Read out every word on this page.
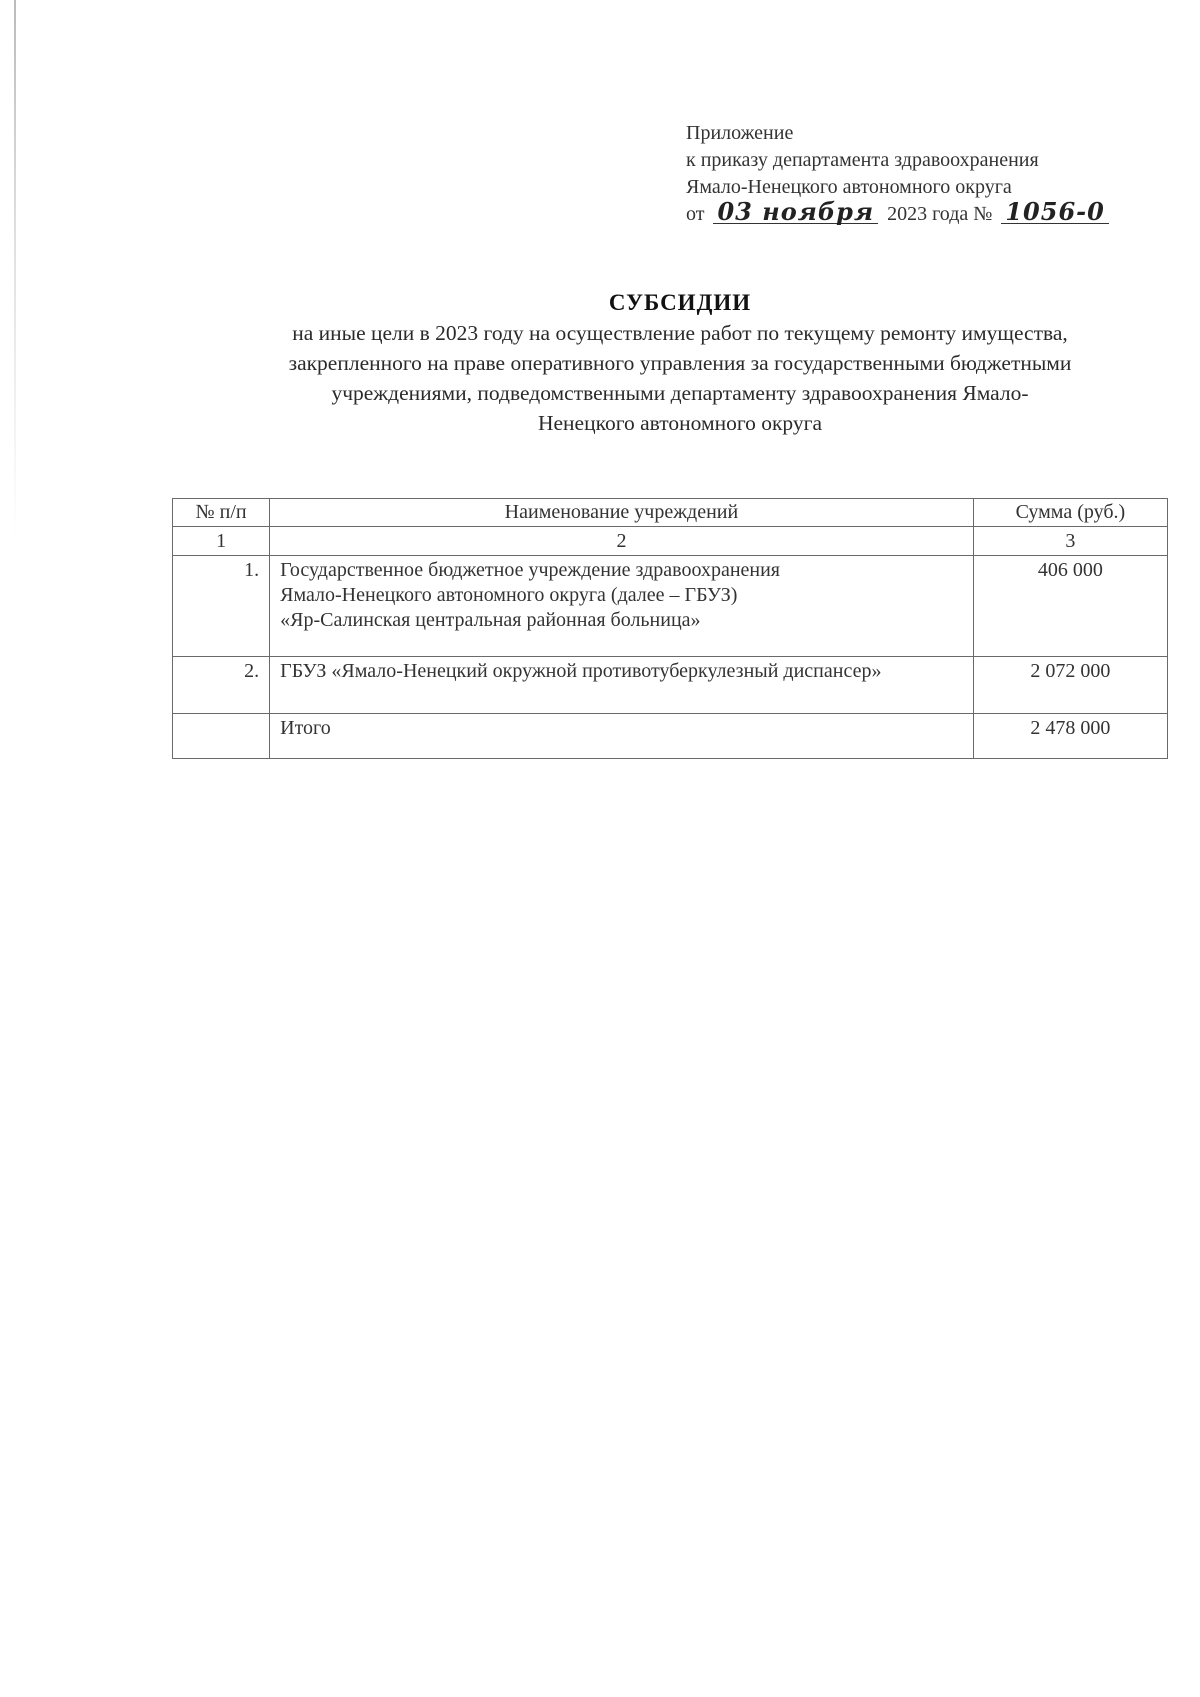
Приложение
к приказу департамента здравоохранения
Ямало-Ненецкого автономного округа
от 03 ноября 2023 года № 1056-0

СУБСИДИИ

на иные цели в 2023 году на осуществление работ по текущему ремонту имущества,
закрепленного на праве оперативного управления за государственными бюджетными
учреждениями, подведомственными департаменту здравоохранения Ямало-
Ненецкого автономного округа

№ п/п	Наименование учреждений	Сумма (руб.)
1	2	3
1.	Государственное бюджетное учреждение здравоохранения
Ямало-Ненецкого автономного округа (далее – ГБУЗ)
«Яр-Салинская центральная районная больница»	406 000
2.	ГБУЗ «Ямало-Ненецкий окружной противотуберкулезный диспансер»	2 072 000
	Итого	2 478 000
